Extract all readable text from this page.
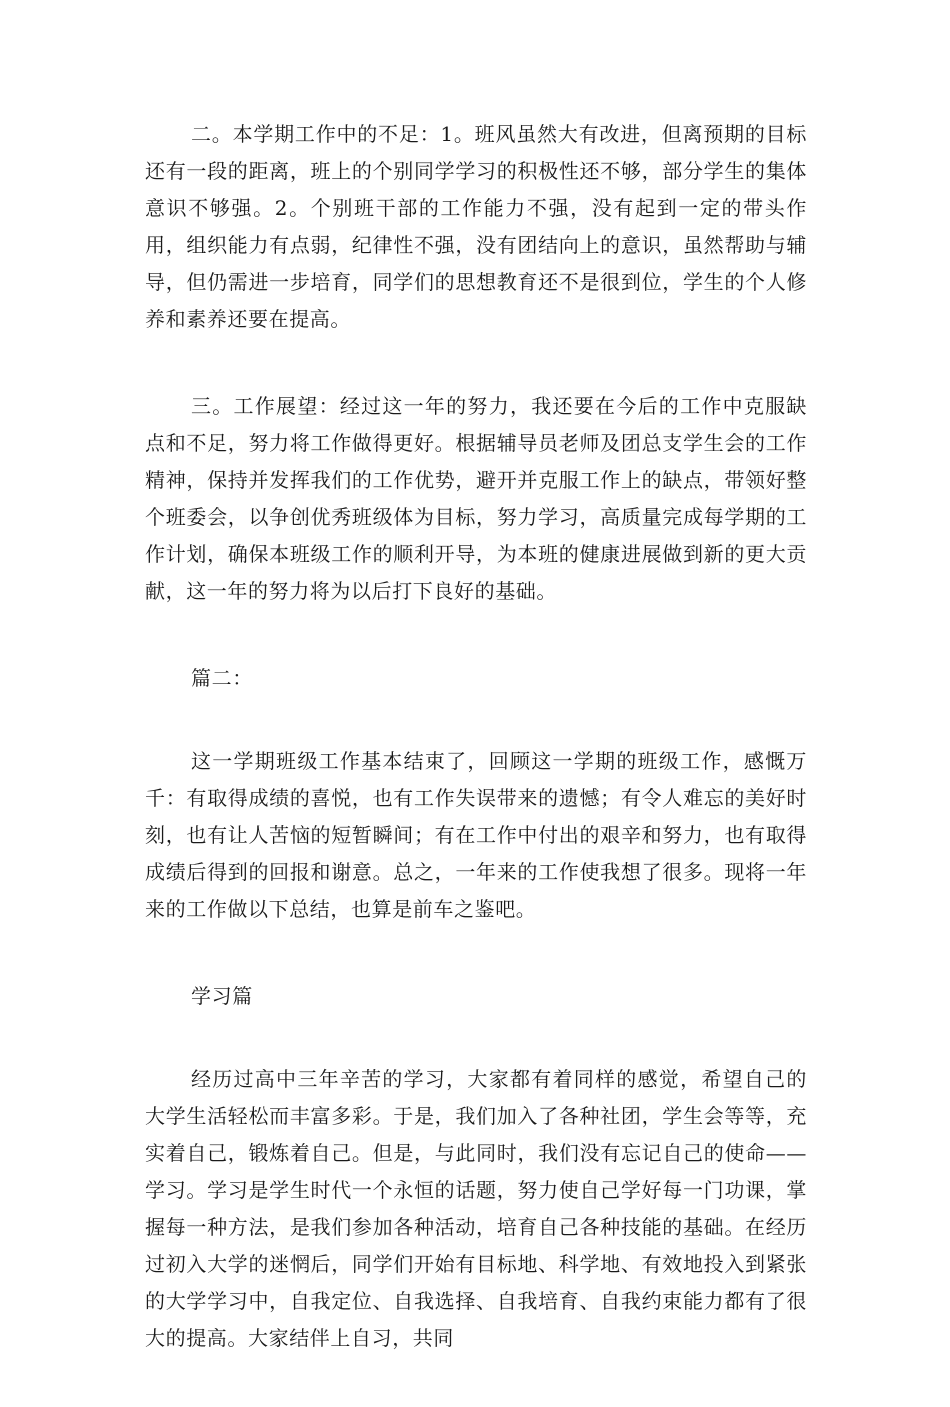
二。本学期工作中的不足：1。班风虽然大有改进，但离预期的目标还有一段的距离，班上的个别同学学习的积极性还不够，部分学生的集体意识不够强。2。个别班干部的工作能力不强，没有起到一定的带头作用，组织能力有点弱，纪律性不强，没有团结向上的意识，虽然帮助与辅导，但仍需进一步培育，同学们的思想教育还不是很到位，学生的个人修养和素养还要在提高。

三。工作展望：经过这一年的努力，我还要在今后的工作中克服缺点和不足，努力将工作做得更好。根据辅导员老师及团总支学生会的工作精神，保持并发挥我们的工作优势，避开并克服工作上的缺点，带领好整个班委会，以争创优秀班级体为目标，努力学习，高质量完成每学期的工作计划，确保本班级工作的顺利开导，为本班的健康进展做到新的更大贡献，这一年的努力将为以后打下良好的基础。

篇二：

这一学期班级工作基本结束了，回顾这一学期的班级工作，感慨万千：有取得成绩的喜悦，也有工作失误带来的遗憾；有令人难忘的美好时刻，也有让人苦恼的短暂瞬间；有在工作中付出的艰辛和努力，也有取得成绩后得到的回报和谢意。总之，一年来的工作使我想了很多。现将一年来的工作做以下总结，也算是前车之鉴吧。

学习篇

经历过高中三年辛苦的学习，大家都有着同样的感觉，希望自己的大学生活轻松而丰富多彩。于是，我们加入了各种社团，学生会等等，充实着自己，锻炼着自己。但是，与此同时，我们没有忘记自己的使命——学习。学习是学生时代一个永恒的话题，努力使自己学好每一门功课，掌握每一种方法，是我们参加各种活动，培育自己各种技能的基础。在经历过初入大学的迷惘后，同学们开始有目标地、科学地、有效地投入到紧张的大学学习中，自我定位、自我选择、自我培育、自我约束能力都有了很大的提高。大家结伴上自习，共同
